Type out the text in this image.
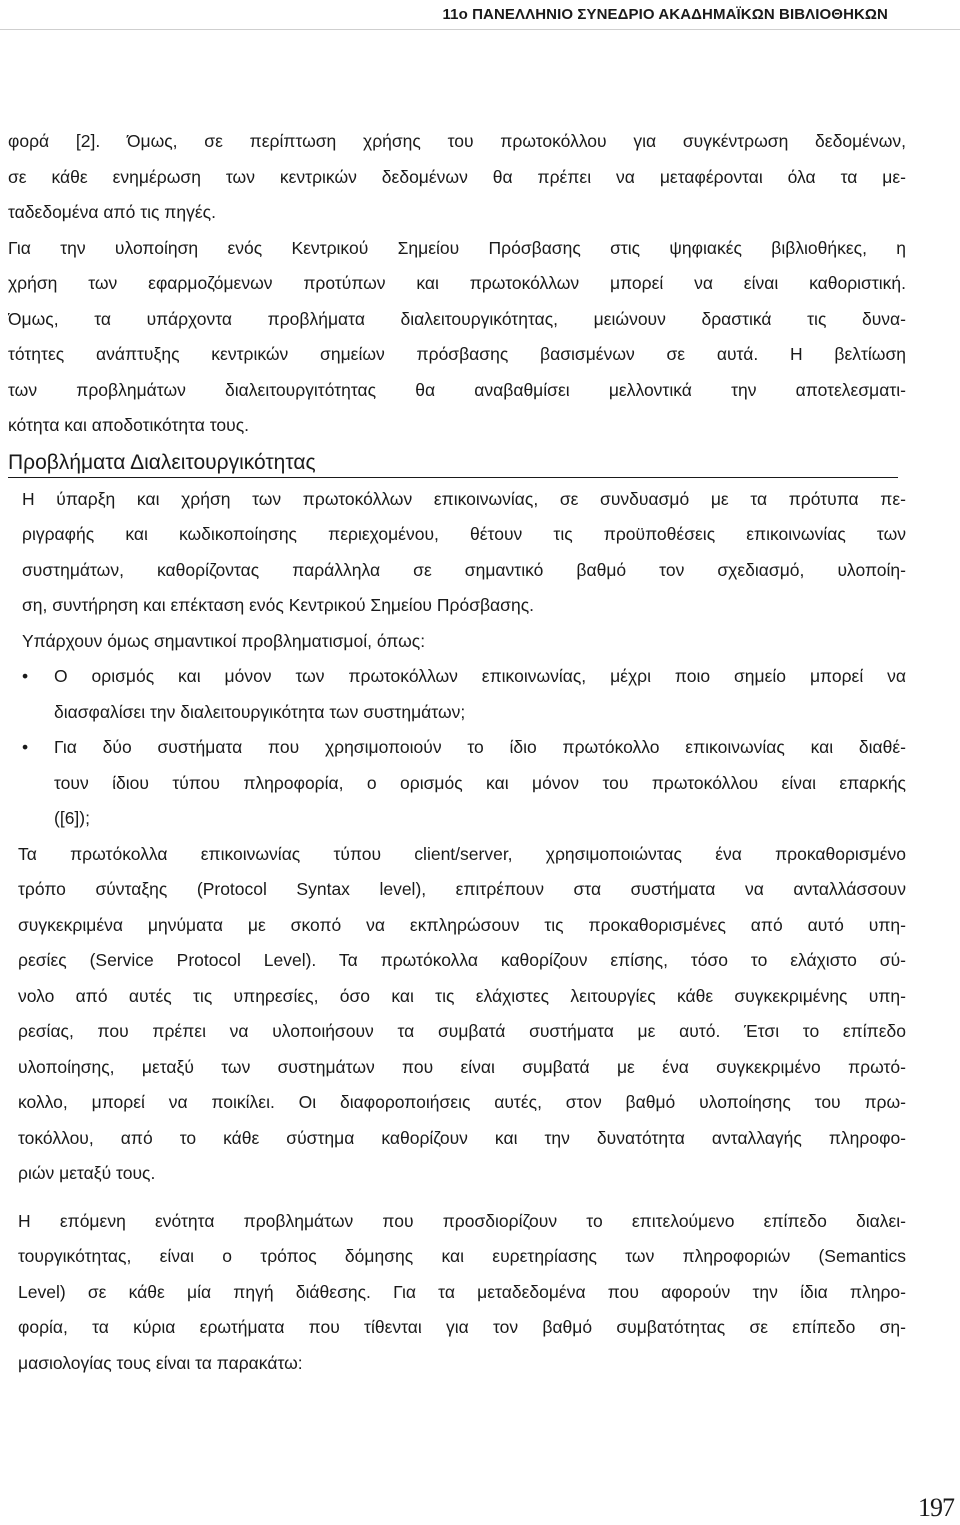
11ο ΠΑΝΕΛΛΗΝΙΟ ΣΥΝΕΔΡΙΟ ΑΚΑΔΗΜΑΪΚΩΝ ΒΙΒΛΙΟΘΗΚΩΝ
φορά [2]. Όμως, σε περίπτωση χρήσης του πρωτοκόλλου για συγκέντρωση δεδομένων,
σε κάθε ενημέρωση των κεντρικών δεδομένων θα πρέπει να μεταφέρονται όλα τα με-
ταδεδομένα από τις πηγές.
Για την υλοποίηση ενός Κεντρικού Σημείου Πρόσβασης στις ψηφιακές βιβλιοθήκες, η
χρήση των εφαρμοζόμενων προτύπων και πρωτοκόλλων μπορεί να είναι καθοριστική.
Όμως, τα υπάρχοντα προβλήματα διαλειτουργικότητας, μειώνουν δραστικά τις δυνα-
τότητες ανάπτυξης κεντρικών σημείων πρόσβασης βασισμένων σε αυτά. Η βελτίωση
των προβλημάτων διαλειτουργιτότητας θα αναβαθμίσει μελλοντικά την αποτελεσματι-
κότητα και αποδοτικότητα τους.
Προβλήματα Διαλειτουργικότητας
Η ύπαρξη και χρήση των πρωτοκόλλων επικοινωνίας, σε συνδυασμό με τα πρότυπα πε-
ριγραφής και κωδικοποίησης περιεχομένου, θέτουν τις προϋποθέσεις επικοινωνίας των
συστημάτων, καθορίζοντας παράλληλα σε σημαντικό βαθμό τον σχεδιασμό, υλοποίη-
ση, συντήρηση και επέκταση ενός Κεντρικού Σημείου Πρόσβασης.
Υπάρχουν όμως σημαντικοί προβληματισμοί, όπως:
•	Ο ορισμός και μόνον των πρωτοκόλλων επικοινωνίας, μέχρι ποιο σημείο μπορεί να
διασφαλίσει την διαλειτουργικότητα των συστημάτων;
•	Για δύο συστήματα που χρησιμοποιούν το ίδιο πρωτόκολλο επικοινωνίας και διαθέ-
τουν ίδιου τύπου πληροφορία, ο ορισμός και μόνον του πρωτοκόλλου είναι επαρκής
([6]);
Τα πρωτόκολλα επικοινωνίας τύπου client/server, χρησιμοποιώντας ένα προκαθορισμένο
τρόπο σύνταξης (Protocol Syntax level), επιτρέπουν στα συστήματα να ανταλλάσσουν
συγκεκριμένα μηνύματα με σκοπό να εκπληρώσουν τις προκαθορισμένες από αυτό υπη-
ρεσίες (Service Protocol Level). Τα πρωτόκολλα καθορίζουν επίσης, τόσο το ελάχιστο σύ-
νολο από αυτές τις υπηρεσίες, όσο και τις ελάχιστες λειτουργίες κάθε συγκεκριμένης υπη-
ρεσίας, που πρέπει να υλοποιήσουν τα συμβατά συστήματα με αυτό. Έτσι το επίπεδο
υλοποίησης, μεταξύ των συστημάτων που είναι συμβατά με ένα συγκεκριμένο πρωτό-
κολλο, μπορεί να ποικίλει. Οι διαφοροποιήσεις αυτές, στον βαθμό υλοποίησης του πρω-
τοκόλλου, από το κάθε σύστημα καθορίζουν και την δυνατότητα ανταλλαγής πληροφο-
ριών μεταξύ τους.
Η επόμενη ενότητα προβλημάτων που προσδιορίζουν το επιτελούμενο επίπεδο διαλει-
τουργικότητας, είναι ο τρόπος δόμησης και ευρετηρίασης των πληροφοριών (Semantics
Level) σε κάθε μία πηγή διάθεσης. Για τα μεταδεδομένα που αφορούν την ίδια πληρο-
φορία, τα κύρια ερωτήματα που τίθενται για τον βαθμό συμβατότητας σε επίπεδο ση-
μασιολογίας τους είναι τα παρακάτω:
197
